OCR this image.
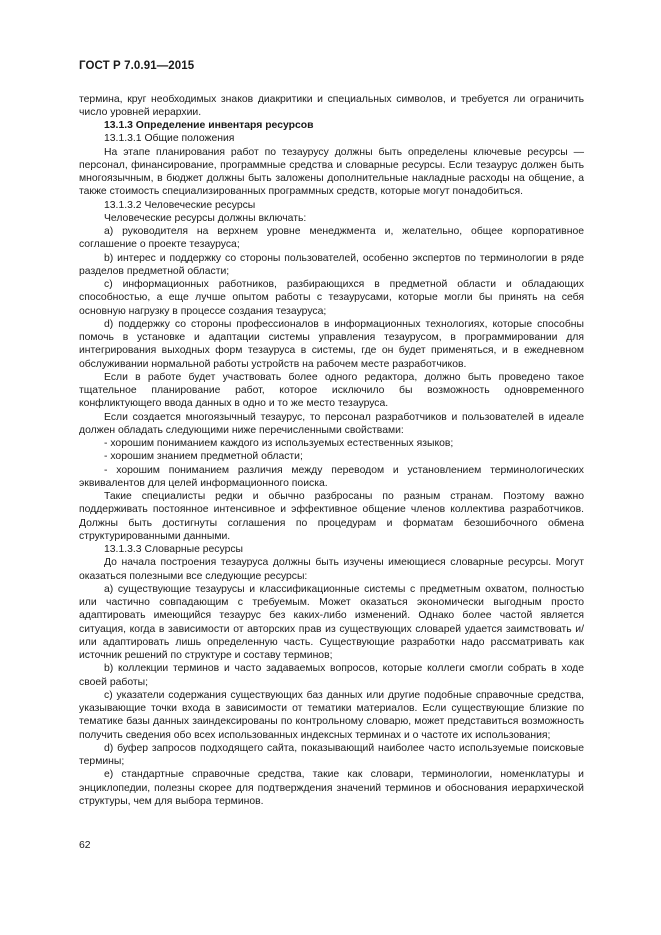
ГОСТ Р 7.0.91—2015

термина, круг необходимых знаков диакритики и специальных символов, и требуется ли ограничить число уровней иерархии.

13.1.3 Определение инвентаря ресурсов

13.1.3.1 Общие положения

На этапе планирования работ по тезаурусу должны быть определены ключевые ресурсы — персонал, финансирование, программные средства и словарные ресурсы. Если тезаурус должен быть многоязычным, в бюджет должны быть заложены дополнительные накладные расходы на общение, а также стоимость специализированных программных средств, которые могут понадобиться.

13.1.3.2 Человеческие ресурсы

Человеческие ресурсы должны включать:

a) руководителя на верхнем уровне менеджмента и, желательно, общее корпоративное соглашение о проекте тезауруса;

b) интерес и поддержку со стороны пользователей, особенно экспертов по терминологии в ряде разделов предметной области;

c) информационных работников, разбирающихся в предметной области и обладающих способностью, а еще лучше опытом работы с тезаурусами, которые могли бы принять на себя основную нагрузку в процессе создания тезауруса;

d) поддержку со стороны профессионалов в информационных технологиях, которые способны помочь в установке и адаптации системы управления тезаурусом, в программировании для интегрирования выходных форм тезауруса в системы, где он будет применяться, и в ежедневном обслуживании нормальной работы устройств на рабочем месте разработчиков.

Если в работе будет участвовать более одного редактора, должно быть проведено такое тщательное планирование работ, которое исключило бы возможность одновременного конфликтующего ввода данных в одно и то же место тезауруса.

Если создается многоязычный тезаурус, то персонал разработчиков и пользователей в идеале должен обладать следующими ниже перечисленными свойствами:

- хорошим пониманием каждого из используемых естественных языков;

- хорошим знанием предметной области;

- хорошим пониманием различия между переводом и установлением терминологических эквивалентов для целей информационного поиска.

Такие специалисты редки и обычно разбросаны по разным странам. Поэтому важно поддерживать постоянное интенсивное и эффективное общение членов коллектива разработчиков. Должны быть достигнуты соглашения по процедурам и форматам безошибочного обмена структурированными данными.

13.1.3.3 Словарные ресурсы

До начала построения тезауруса должны быть изучены имеющиеся словарные ресурсы. Могут оказаться полезными все следующие ресурсы:

a) существующие тезаурусы и классификационные системы с предметным охватом, полностью или частично совпадающим с требуемым. Может оказаться экономически выгодным просто адаптировать имеющийся тезаурус без каких-либо изменений. Однако более частой является ситуация, когда в зависимости от авторских прав из существующих словарей удается заимствовать и/или адаптировать лишь определенную часть. Существующие разработки надо рассматривать как источник решений по структуре и составу терминов;

b) коллекции терминов и часто задаваемых вопросов, которые коллеги смогли собрать в ходе своей работы;

c) указатели содержания существующих баз данных или другие подобные справочные средства, указывающие точки входа в зависимости от тематики материалов. Если существующие близкие по тематике базы данных заиндексированы по контрольному словарю, может представиться возможность получить сведения обо всех использованных индексных терминах и о частоте их использования;

d) буфер запросов подходящего сайта, показывающий наиболее часто используемые поисковые термины;

e) стандартные справочные средства, такие как словари, терминологии, номенклатуры и энциклопедии, полезны скорее для подтверждения значений терминов и обоснования иерархической структуры, чем для выбора терминов.

62
